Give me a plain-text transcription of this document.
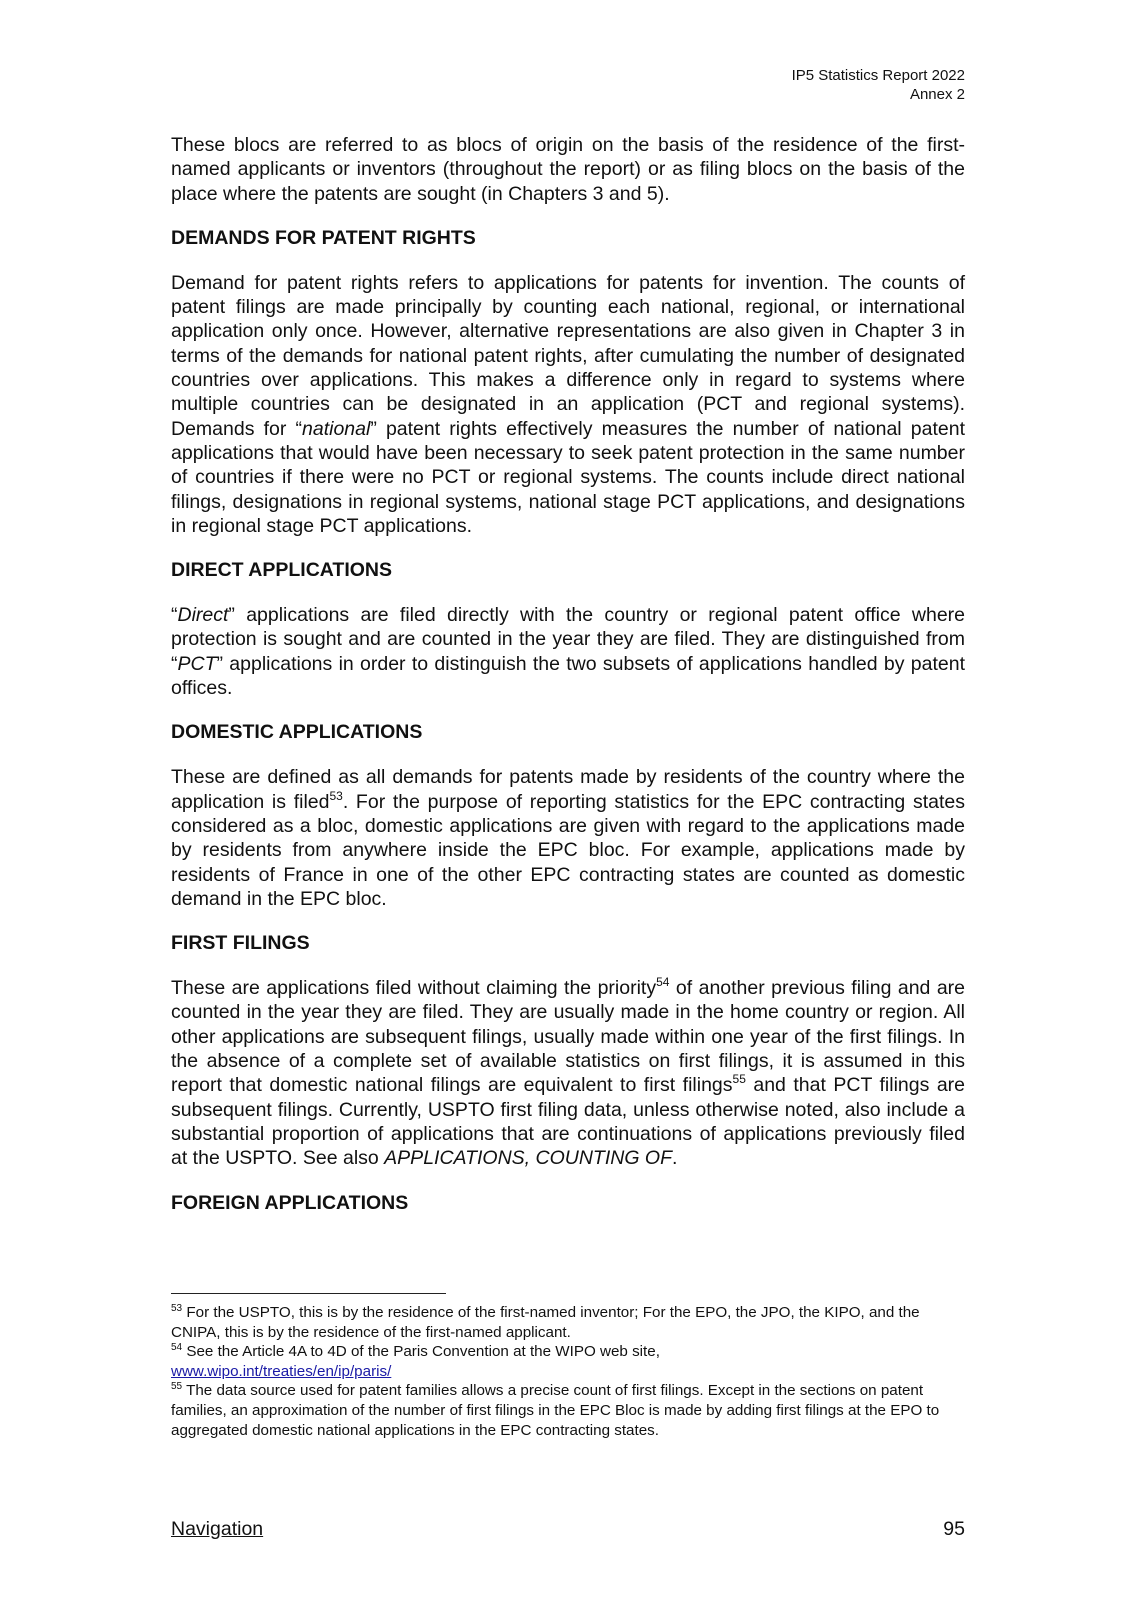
IP5 Statistics Report 2022
Annex 2

These blocs are referred to as blocs of origin on the basis of the residence of the first-named applicants or inventors (throughout the report) or as filing blocs on the basis of the place where the patents are sought (in Chapters 3 and 5).

DEMANDS FOR PATENT RIGHTS

Demand for patent rights refers to applications for patents for invention. The counts of patent filings are made principally by counting each national, regional, or international application only once. However, alternative representations are also given in Chapter 3 in terms of the demands for national patent rights, after cumulating the number of designated countries over applications. This makes a difference only in regard to systems where multiple countries can be designated in an application (PCT and regional systems). Demands for “national” patent rights effectively measures the number of national patent applications that would have been necessary to seek patent protection in the same number of countries if there were no PCT or regional systems. The counts include direct national filings, designations in regional systems, national stage PCT applications, and designations in regional stage PCT applications.

DIRECT APPLICATIONS

“Direct” applications are filed directly with the country or regional patent office where protection is sought and are counted in the year they are filed. They are distinguished from “PCT” applications in order to distinguish the two subsets of applications handled by patent offices.

DOMESTIC APPLICATIONS

These are defined as all demands for patents made by residents of the country where the application is filed$^{53}$. For the purpose of reporting statistics for the EPC contracting states considered as a bloc, domestic applications are given with regard to the applications made by residents from anywhere inside the EPC bloc. For example, applications made by residents of France in one of the other EPC contracting states are counted as domestic demand in the EPC bloc.

FIRST FILINGS

These are applications filed without claiming the priority$^{54}$ of another previous filing and are counted in the year they are filed. They are usually made in the home country or region. All other applications are subsequent filings, usually made within one year of the first filings. In the absence of a complete set of available statistics on first filings, it is assumed in this report that domestic national filings are equivalent to first filings$^{55}$ and that PCT filings are subsequent filings. Currently, USPTO first filing data, unless otherwise noted, also include a substantial proportion of applications that are continuations of applications previously filed at the USPTO. See also APPLICATIONS, COUNTING OF.

FOREIGN APPLICATIONS

$^{53}$ For the USPTO, this is by the residence of the first-named inventor; For the EPO, the JPO, the KIPO, and the CNIPA, this is by the residence of the first-named applicant.

$^{54}$ See the Article 4A to 4D of the Paris Convention at the WIPO web site,
www.wipo.int/treaties/en/ip/paris/

$^{55}$ The data source used for patent families allows a precise count of first filings. Except in the sections on patent families, an approximation of the number of first filings in the EPC Bloc is made by adding first filings at the EPO to aggregated domestic national applications in the EPC contracting states.

Navigation	95
